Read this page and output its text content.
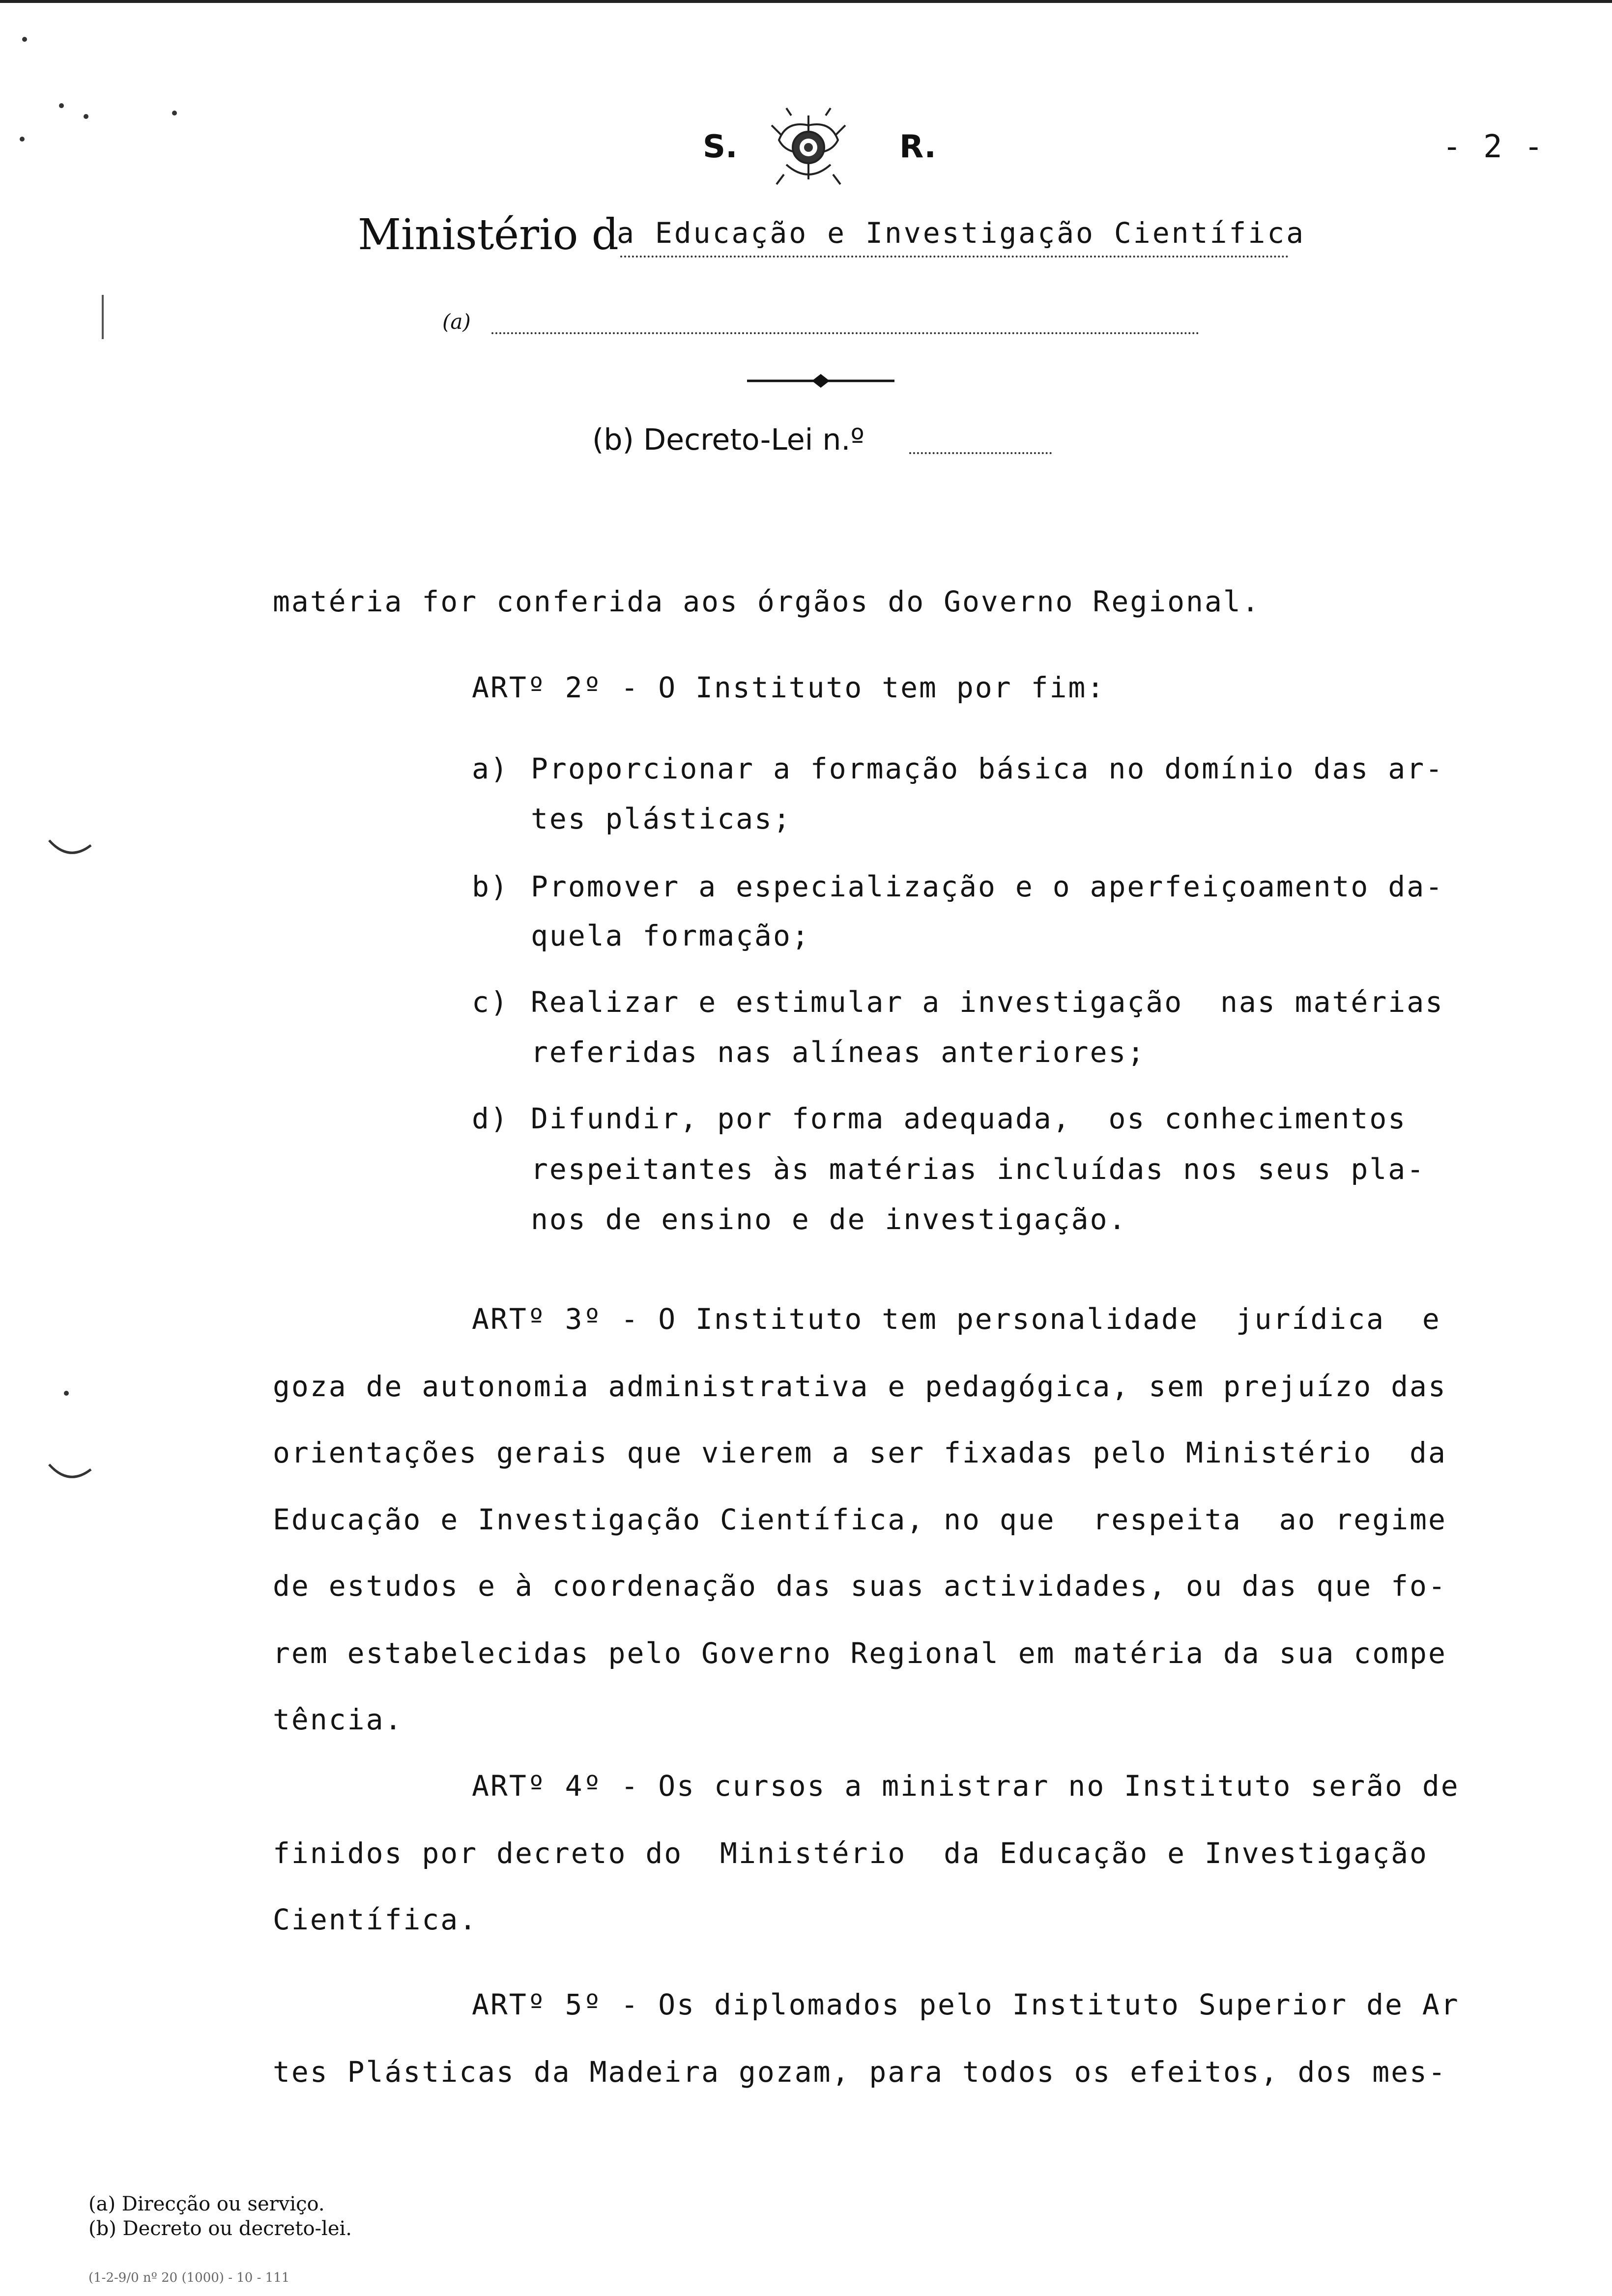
S.	R.	- 2 -
Ministério d
a Educação e Investigação Científica
(a)
(b) Decreto-Lei n.º
matéria for conferida aos órgãos do Governo Regional.
ARTº 2º - O Instituto tem por fim:
a) Proporcionar a formação básica no domínio das ar-
tes plásticas;
b) Promover a especialização e o aperfeiçoamento da-
quela formação;
c) Realizar e estimular a investigação  nas matérias
referidas nas alíneas anteriores;
d) Difundir, por forma adequada,  os conhecimentos
respeitantes às matérias incluídas nos seus pla-
nos de ensino e de investigação.
ARTº 3º - O Instituto tem personalidade  jurídica  e
goza de autonomia administrativa e pedagógica, sem prejuízo das
orientações gerais que vierem a ser fixadas pelo Ministério  da
Educação e Investigação Científica, no que  respeita  ao regime
de estudos e à coordenação das suas actividades, ou das que fo-
rem estabelecidas pelo Governo Regional em matéria da sua compe
tência.
ARTº 4º - Os cursos a ministrar no Instituto serão de
finidos por decreto do  Ministério  da Educação e Investigação
Científica.
ARTº 5º - Os diplomados pelo Instituto Superior de Ar
tes Plásticas da Madeira gozam, para todos os efeitos, dos mes-
(a) Direcção ou serviço.
(b) Decreto ou decreto-lei.
(1-2-9/0 nº 20 (1000) - 10 - 111
